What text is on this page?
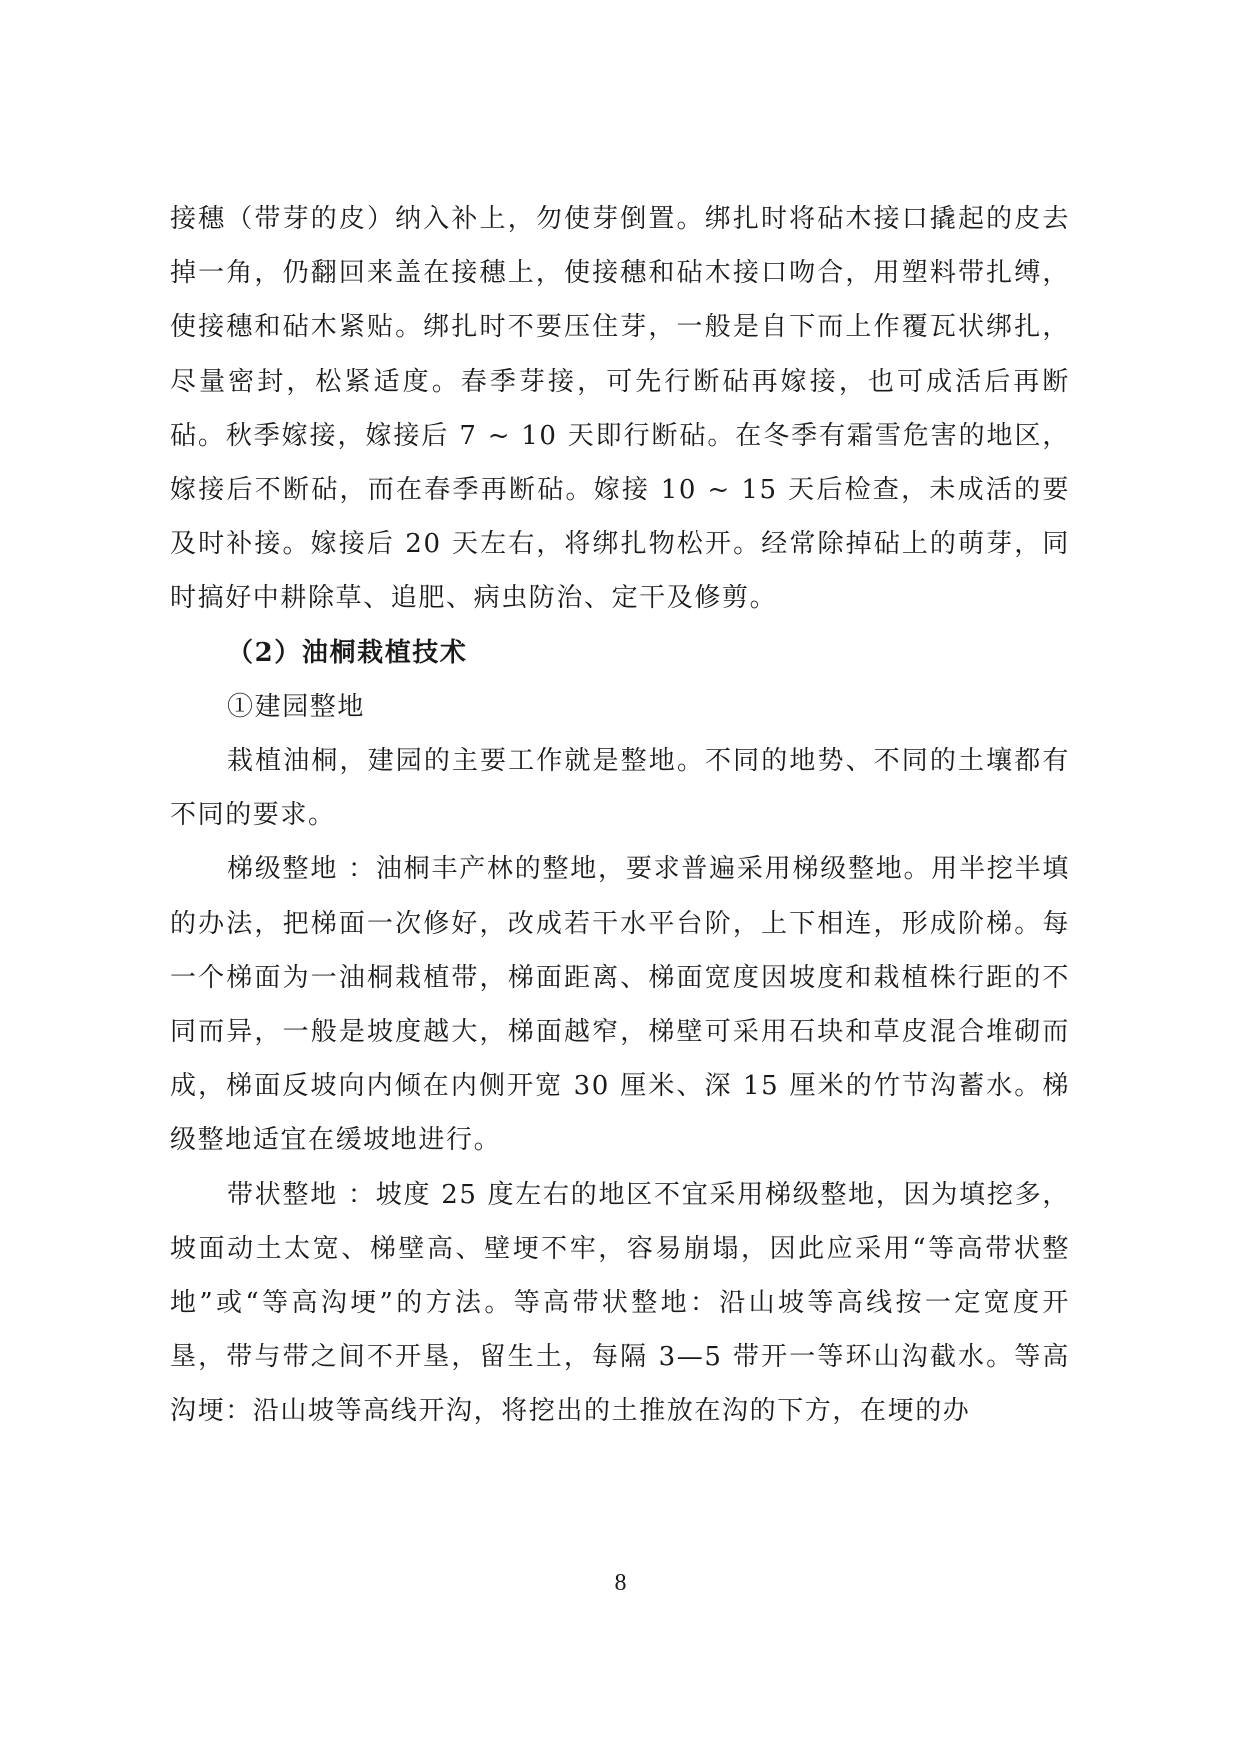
接穗（带芽的皮）纳入补上，勿使芽倒置。绑扎时将砧木接口撬起的皮去掉一角，仍翻回来盖在接穗上，使接穗和砧木接口吻合，用塑料带扎缚，使接穗和砧木紧贴。绑扎时不要压住芽，一般是自下而上作覆瓦状绑扎，尽量密封，松紧适度。春季芽接，可先行断砧再嫁接，也可成活后再断砧。秋季嫁接，嫁接后 7 ~ 10 天即行断砧。在冬季有霜雪危害的地区，嫁接后不断砧，而在春季再断砧。嫁接 10 ~ 15 天后检查，未成活的要及时补接。嫁接后 20 天左右，将绑扎物松开。经常除掉砧上的萌芽，同时搞好中耕除草、追肥、病虫防治、定干及修剪。

（2）油桐栽植技术

①建园整地

栽植油桐，建园的主要工作就是整地。不同的地势、不同的土壤都有不同的要求。

梯级整地 ：油桐丰产林的整地，要求普遍采用梯级整地。用半挖半填的办法，把梯面一次修好，改成若干水平台阶，上下相连，形成阶梯。每一个梯面为一油桐栽植带，梯面距离、梯面宽度因坡度和栽植株行距的不同而异，一般是坡度越大，梯面越窄，梯壁可采用石块和草皮混合堆砌而成，梯面反坡向内倾在内侧开宽 30 厘米、深 15 厘米的竹节沟蓄水。梯级整地适宜在缓坡地进行。

带状整地 ：坡度 25 度左右的地区不宜采用梯级整地，因为填挖多，坡面动土太宽、梯壁高、壁埂不牢，容易崩塌，因此应采用“等高带状整地”或“等高沟埂”的方法。等高带状整地：沿山坡等高线按一定宽度开垦，带与带之间不开垦，留生土，每隔 3—5 带开一等环山沟截水。等高沟埂：沿山坡等高线开沟，将挖出的土推放在沟的下方，在埂的办

8
